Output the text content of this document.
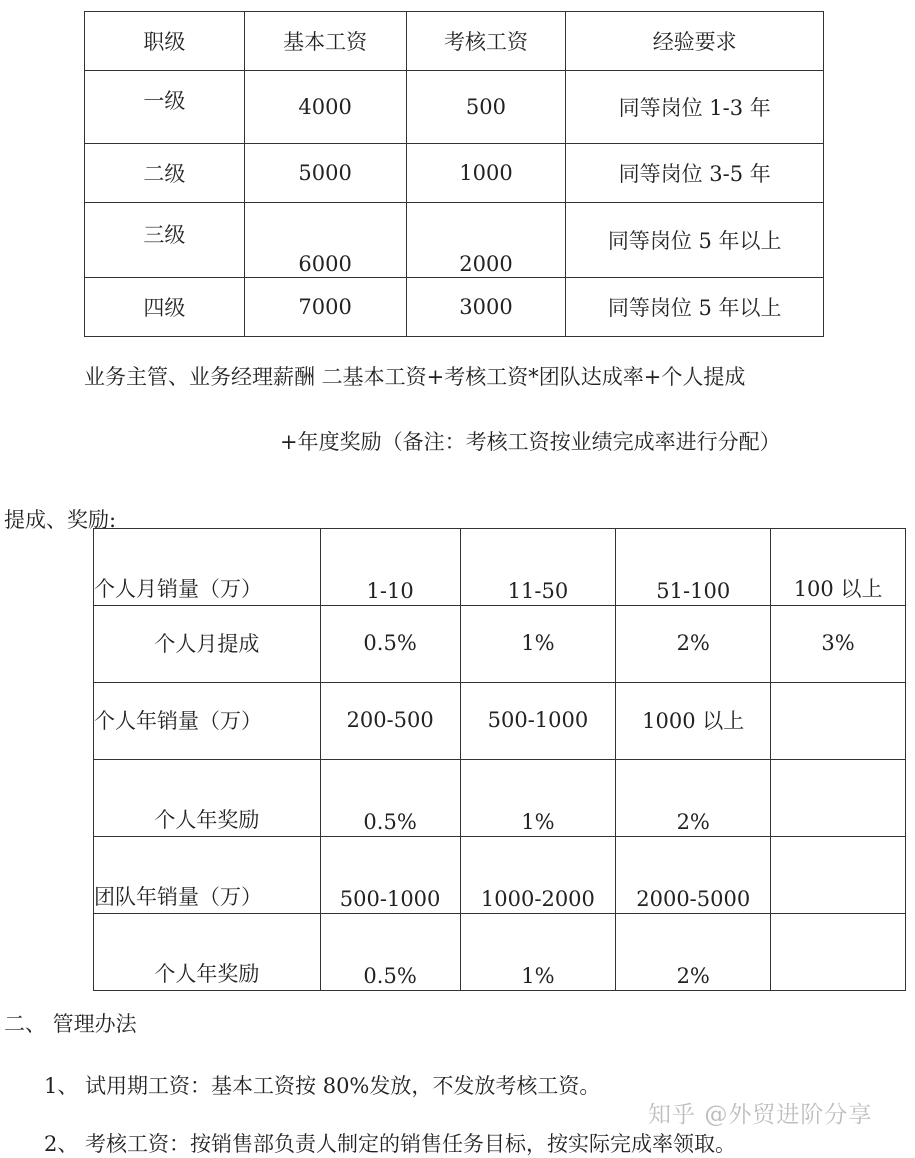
职级	基本工资	考核工资	经验要求
一级	4000	500	同等岗位 1-3 年
二级	5000	1000	同等岗位 3-5 年
三级	6000	2000	同等岗位 5 年以上
四级	7000	3000	同等岗位 5 年以上
业务主管、业务经理薪酬 二基本工资+考核工资*团队达成率+个人提成
+年度奖励（备注：考核工资按业绩完成率进行分配）
提成、奖励:
个人月销量（万）	1-10	11-50	51-100	100 以上
个人月提成	0.5%	1%	2%	3%
个人年销量（万）	200-500	500-1000	1000 以上	
个人年奖励	0.5%	1%	2%	
团队年销量（万）	500-1000	1000-2000	2000-5000	
个人年奖励	0.5%	1%	2%	
二、 管理办法
1、 试用期工资：基本工资按 80%发放，不发放考核工资。
2、 考核工资：按销售部负责人制定的销售任务目标，按实际完成率领取。
知乎 @外贸进阶分享
